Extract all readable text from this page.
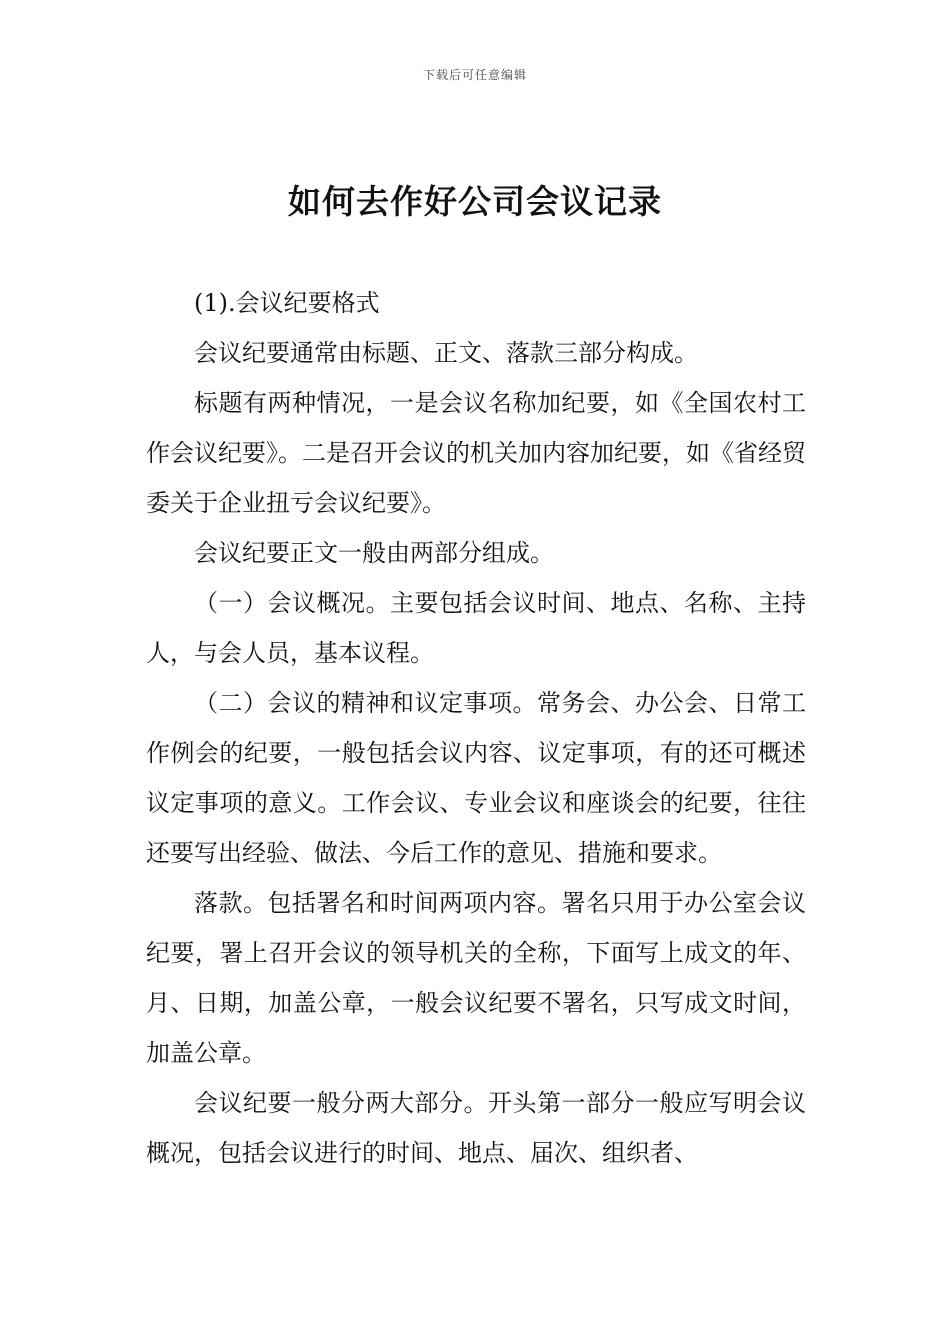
下载后可任意编辑
如何去作好公司会议记录

(1).会议纪要格式

会议纪要通常由标题、正文、落款三部分构成。

标题有两种情况，一是会议名称加纪要，如《全国农村工作会议纪要》。二是召开会议的机关加内容加纪要，如《省经贸委关于企业扭亏会议纪要》。

会议纪要正文一般由两部分组成。

（一）会议概况。主要包括会议时间、地点、名称、主持人，与会人员，基本议程。

（二）会议的精神和议定事项。常务会、办公会、日常工作例会的纪要，一般包括会议内容、议定事项，有的还可概述议定事项的意义。工作会议、专业会议和座谈会的纪要，往往还要写出经验、做法、今后工作的意见、措施和要求。

落款。包括署名和时间两项内容。署名只用于办公室会议纪要，署上召开会议的领导机关的全称，下面写上成文的年、月、日期，加盖公章，一般会议纪要不署名，只写成文时间，加盖公章。

会议纪要一般分两大部分。开头第一部分一般应写明会议概况，包括会议进行的时间、地点、届次、组织者、
